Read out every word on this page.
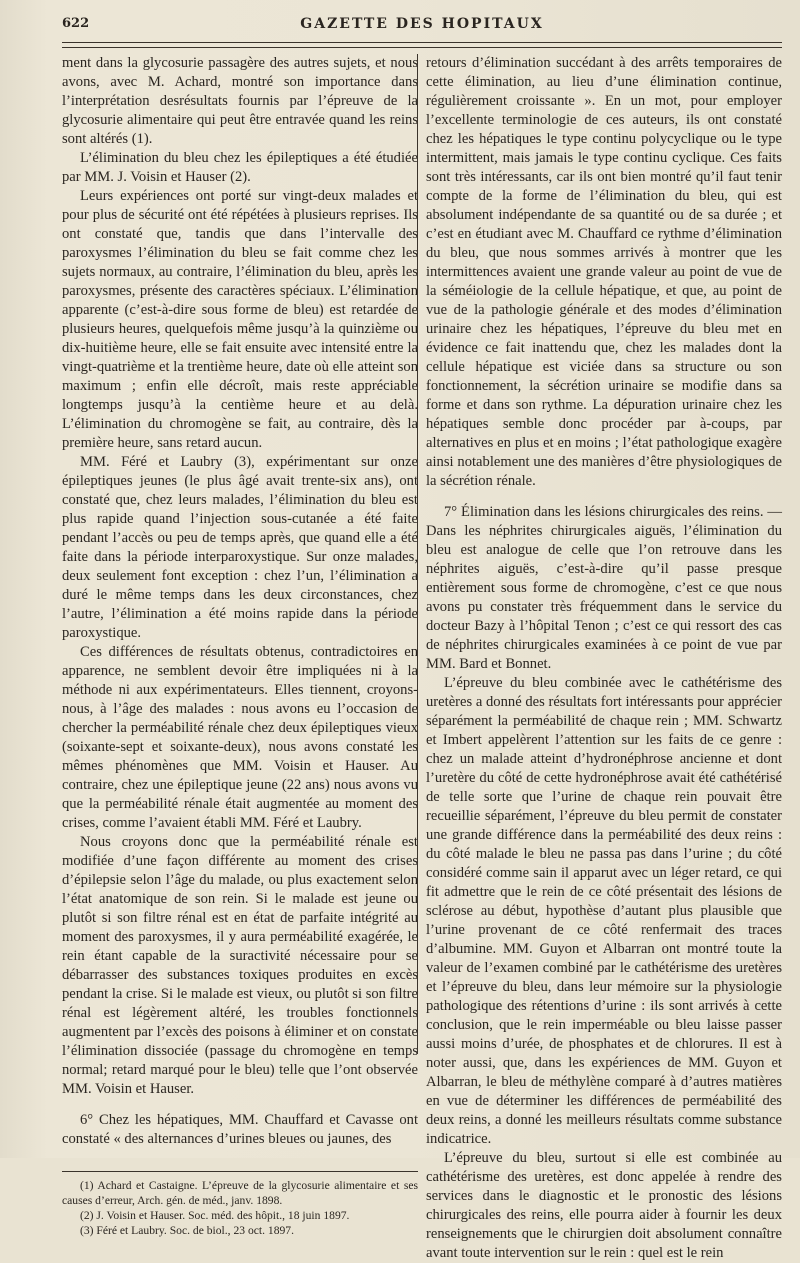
622	GAZETTE DES HOPITAUX

ment dans la glycosurie passagère des autres sujets, et nous avons, avec M. Achard, montré son importance dans l’interprétation desrésultats fournis par l’épreuve de la glycosurie alimentaire qui peut être entravée quand les reins sont altérés (1).

L’élimination du bleu chez les épileptiques a été étudiée par MM. J. Voisin et Hauser (2).

Leurs expériences ont porté sur vingt-deux malades et pour plus de sécurité ont été répétées à plusieurs reprises. Ils ont constaté que, tandis que dans l’intervalle des paroxysmes l’élimination du bleu se fait comme chez les sujets normaux, au contraire, l’élimination du bleu, après les paroxysmes, présente des caractères spéciaux. L’élimination apparente (c’est-à-dire sous forme de bleu) est retardée de plusieurs heures, quelquefois même jusqu’à la quinzième ou dix-huitième heure, elle se fait ensuite avec intensité entre la vingt-quatrième et la trentième heure, date où elle atteint son maximum ; enfin elle décroît, mais reste appréciable longtemps jusqu’à la centième heure et au delà. L’élimination du chromogène se fait, au contraire, dès la première heure, sans retard aucun.

MM. Féré et Laubry (3), expérimentant sur onze épileptiques jeunes (le plus âgé avait trente-six ans), ont constaté que, chez leurs malades, l’élimination du bleu est plus rapide quand l’injection sous-cutanée a été faite pendant l’accès ou peu de temps après, que quand elle a été faite dans la période interparoxystique. Sur onze malades, deux seulement font exception : chez l’un, l’élimination a duré le même temps dans les deux circonstances, chez l’autre, l’élimination a été moins rapide dans la période paroxystique.

Ces différences de résultats obtenus, contradictoires en apparence, ne semblent devoir être impliquées ni à la méthode ni aux expérimentateurs. Elles tiennent, croyons-nous, à l’âge des malades : nous avons eu l’occasion de chercher la perméabilité rénale chez deux épileptiques vieux (soixante-sept et soixante-deux), nous avons constaté les mêmes phénomènes que MM. Voisin et Hauser. Au contraire, chez une épileptique jeune (22 ans) nous avons vu que la perméabilité rénale était augmentée au moment des crises, comme l’avaient établi MM. Féré et Laubry.

Nous croyons donc que la perméabilité rénale est modifiée d’une façon différente au moment des crises d’épilepsie selon l’âge du malade, ou plus exactement selon l’état anatomique de son rein. Si le malade est jeune ou plutôt si son filtre rénal est en état de parfaite intégrité au moment des paroxysmes, il y aura perméabilité exagérée, le rein étant capable de la suractivité nécessaire pour se débarrasser des substances toxiques produites en excès pendant la crise. Si le malade est vieux, ou plutôt si son filtre rénal est légèrement altéré, les troubles fonctionnels augmentent par l’excès des poisons à éliminer et on constate l’élimination dissociée (passage du chromogène en temps normal; retard marqué pour le bleu) telle que l’ont observée MM. Voisin et Hauser.

6° Chez les hépatiques, MM. Chauffard et Cavasse ont constaté « des alternances d’urines bleues ou jaunes, des

(1) Achard et Castaigne. L’épreuve de la glycosurie alimentaire et ses causes d’erreur, Arch. gén. de méd., janv. 1898.

(2) J. Voisin et Hauser. Soc. méd. des hôpit., 18 juin 1897.

(3) Féré et Laubry. Soc. de biol., 23 oct. 1897.

retours d’élimination succédant à des arrêts temporaires de cette élimination, au lieu d’une élimination continue, régulièrement croissante ». En un mot, pour employer l’excellente terminologie de ces auteurs, ils ont constaté chez les hépatiques le type continu polycyclique ou le type intermittent, mais jamais le type continu cyclique. Ces faits sont très intéressants, car ils ont bien montré qu’il faut tenir compte de la forme de l’élimination du bleu, qui est absolument indépendante de sa quantité ou de sa durée ; et c’est en étudiant avec M. Chauffard ce rythme d’élimination du bleu, que nous sommes arrivés à montrer que les intermittences avaient une grande valeur au point de vue de la séméiologie de la cellule hépatique, et que, au point de vue de la pathologie générale et des modes d’élimination urinaire chez les hépatiques, l’épreuve du bleu met en évidence ce fait inattendu que, chez les malades dont la cellule hépatique est viciée dans sa structure ou son fonctionnement, la sécrétion urinaire se modifie dans sa forme et dans son rythme. La dépuration urinaire chez les hépatiques semble donc procéder par à-coups, par alternatives en plus et en moins ; l’état pathologique exagère ainsi notablement une des manières d’être physiologiques de la sécrétion rénale.

7° Élimination dans les lésions chirurgicales des reins. — Dans les néphrites chirurgicales aiguës, l’élimination du bleu est analogue de celle que l’on retrouve dans les néphrites aiguës, c’est-à-dire qu’il passe presque entièrement sous forme de chromogène, c’est ce que nous avons pu constater très fréquemment dans le service du docteur Bazy à l’hôpital Tenon ; c’est ce qui ressort des cas de néphrites chirurgicales examinées à ce point de vue par MM. Bard et Bonnet.

L’épreuve du bleu combinée avec le cathétérisme des uretères a donné des résultats fort intéressants pour apprécier séparément la perméabilité de chaque rein ; MM. Schwartz et Imbert appelèrent l’attention sur les faits de ce genre : chez un malade atteint d’hydronéphrose ancienne et dont l’uretère du côté de cette hydronéphrose avait été cathétérisé de telle sorte que l’urine de chaque rein pouvait être recueillie séparément, l’épreuve du bleu permit de constater une grande différence dans la perméabilité des deux reins : du côté malade le bleu ne passa pas dans l’urine ; du côté considéré comme sain il apparut avec un léger retard, ce qui fit admettre que le rein de ce côté présentait des lésions de sclérose au début, hypothèse d’autant plus plausible que l’urine provenant de ce côté renfermait des traces d’albumine. MM. Guyon et Albarran ont montré toute la valeur de l’examen combiné par le cathétérisme des uretères et l’épreuve du bleu, dans leur mémoire sur la physiologie pathologique des rétentions d’urine : ils sont arrivés à cette conclusion, que le rein imperméable ou bleu laisse passer aussi moins d’urée, de phosphates et de chlorures. Il est à noter aussi, que, dans les expériences de MM. Guyon et Albarran, le bleu de méthylène comparé à d’autres matières en vue de déterminer les différences de perméabilité des deux reins, a donné les meilleurs résultats comme substance indicatrice.

L’épreuve du bleu, surtout si elle est combinée au cathétérisme des uretères, est donc appelée à rendre des services dans le diagnostic et le pronostic des lésions chirurgicales des reins, elle pourra aider à fournir les deux renseignements que le chirurgien doit absolument connaître avant toute intervention sur le rein : quel est le rein
